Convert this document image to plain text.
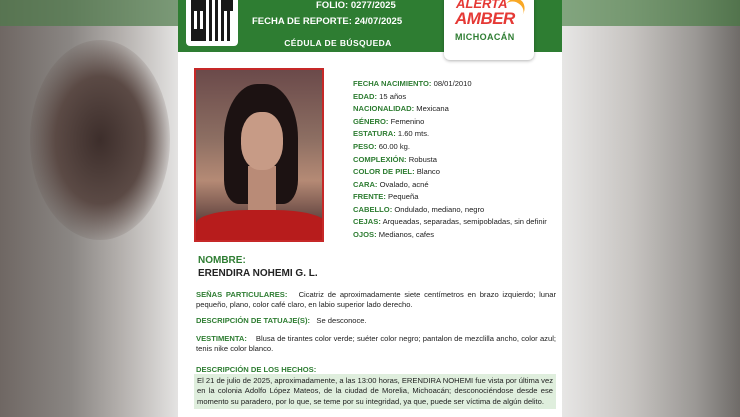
FOLIO: 0277/2025
FECHA DE REPORTE: 24/07/2025
CÉDULA DE BÚSQUEDA
ALERTA
AMBER
MICHOACÁN
FECHA NACIMIENTO: 08/01/2010
EDAD: 15 años
NACIONALIDAD: Mexicana
GÉNERO: Femenino
ESTATURA: 1.60 mts.
PESO: 60.00 kg.
COMPLEXIÓN: Robusta
COLOR DE PIEL: Blanco
CARA: Ovalado, acné
FRENTE: Pequeña
CABELLO: Ondulado, mediano, negro
CEJAS: Arqueadas, separadas, semipobladas, sin definir
OJOS: Medianos, cafes
NOMBRE:
ERENDIRA NOHEMI G. L.
SEÑAS PARTICULARES: Cicatriz de aproximadamente siete centímetros en brazo izquierdo; lunar pequeño, plano, color café claro, en labio superior lado derecho.
DESCRIPCIÓN DE TATUAJE(S): Se desconoce.
VESTIMENTA: Blusa de tirantes color verde; suéter color negro; pantalon de mezclilla ancho, color azul; tenis nike color blanco.
DESCRIPCIÓN DE LOS HECHOS:
El 21 de julio de 2025, aproximadamente, a las 13:00 horas, ERENDIRA NOHEMI fue vista por última vez en la colonia Adolfo López Mateos, de la ciudad de Morelia, Michoacán; desconociéndose desde ese momento su paradero, por lo que, se teme por su integridad, ya que, puede ser víctima de algún delito.
